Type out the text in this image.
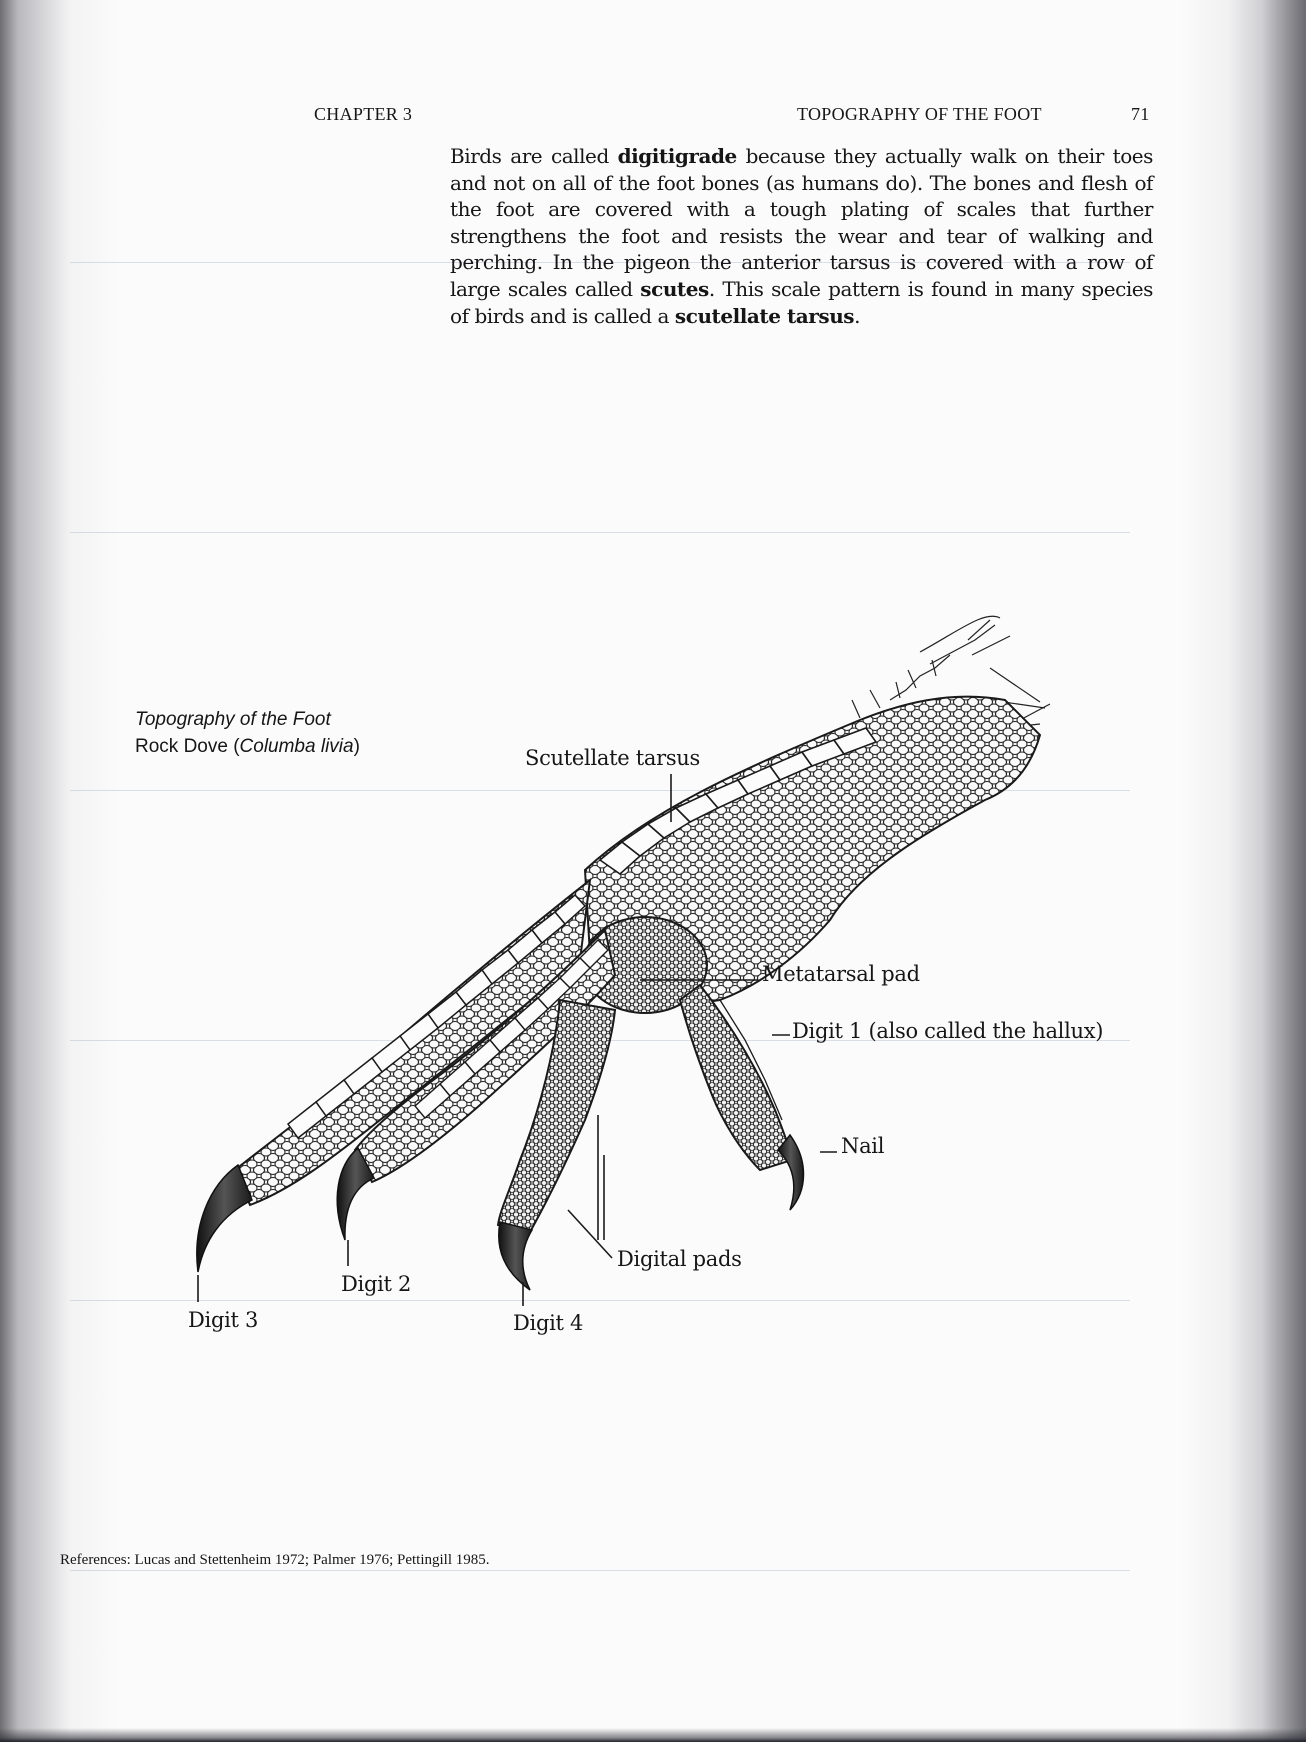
CHAPTER 3	TOPOGRAPHY OF THE FOOT	71
Birds are called digitigrade because they actually walk on their toes and not on all of the foot bones (as humans do). The bones and flesh of the foot are covered with a tough plating of scales that further strengthens the foot and resists the wear and tear of walking and perching. In the pigeon the anterior tarsus is covered with a row of large scales called scutes. This scale pattern is found in many species of birds and is called a scutellate tarsus.
Topography of the Foot
Rock Dove (Columba livia)	Scutellate tarsus
Metatarsal pad
Digit 1 (also called the hallux)
Nail
Digital pads
Digit 2
Digit 3	Digit 4
References: Lucas and Stettenheim 1972; Palmer 1976; Pettingill 1985.
